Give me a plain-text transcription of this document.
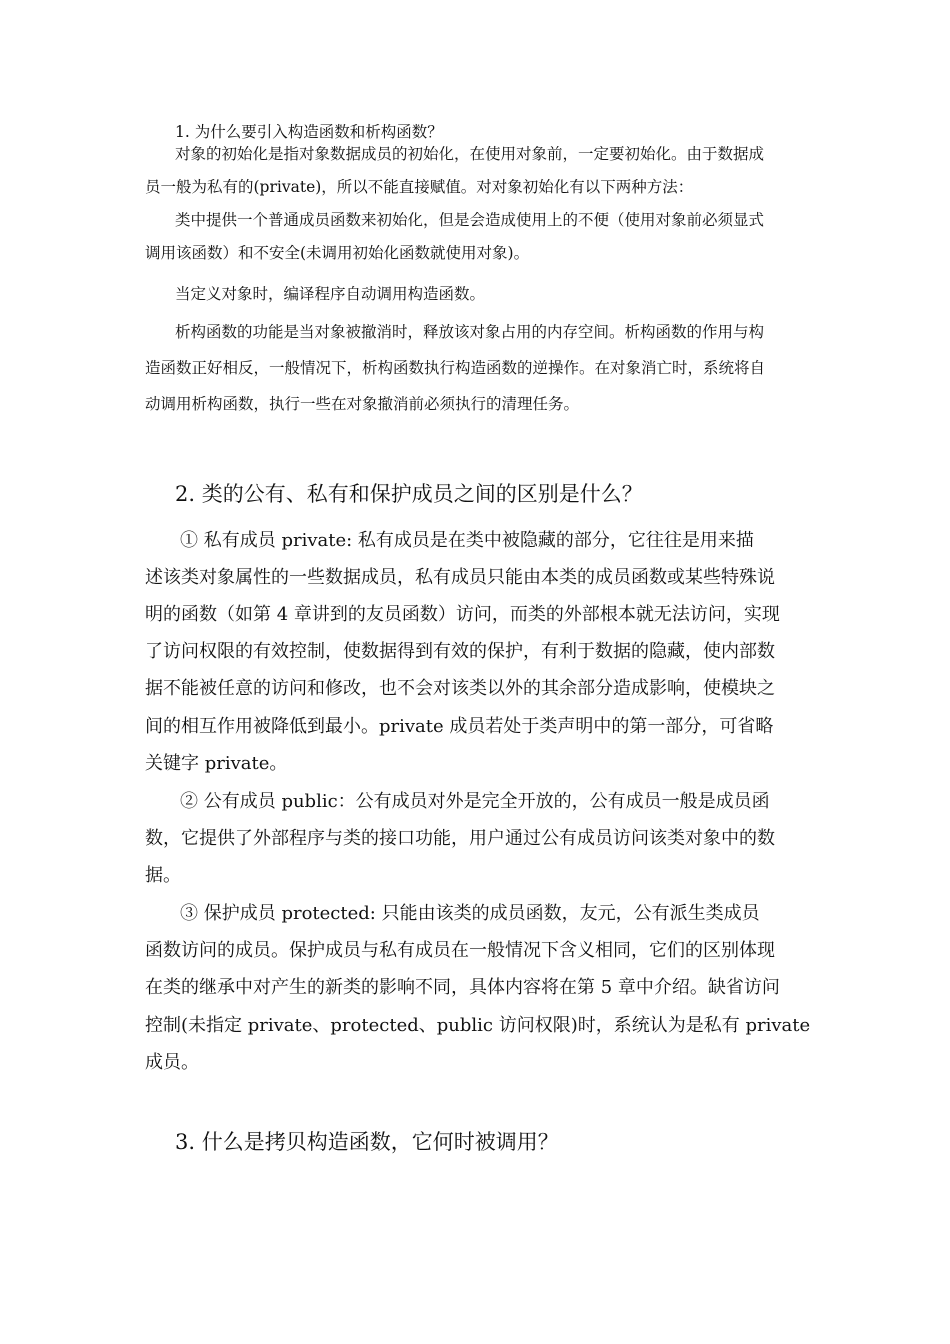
1. 为什么要引入构造函数和析构函数？

对象的初始化是指对象数据成员的初始化，在使用对象前，一定要初始化。由于数据成

员一般为私有的(private)，所以不能直接赋值。对对象初始化有以下两种方法：

类中提供一个普通成员函数来初始化，但是会造成使用上的不便（使用对象前必须显式

调用该函数）和不安全(未调用初始化函数就使用对象)。

当定义对象时，编译程序自动调用构造函数。

析构函数的功能是当对象被撤消时，释放该对象占用的内存空间。析构函数的作用与构

造函数正好相反，一般情况下，析构函数执行构造函数的逆操作。在对象消亡时，系统将自

动调用析构函数，执行一些在对象撤消前必须执行的清理任务。

2. 类的公有、私有和保护成员之间的区别是什么？

① 私有成员 private: 私有成员是在类中被隐藏的部分，它往往是用来描

述该类对象属性的一些数据成员，私有成员只能由本类的成员函数或某些特殊说

明的函数（如第 4 章讲到的友员函数）访问，而类的外部根本就无法访问，实现

了访问权限的有效控制，使数据得到有效的保护，有利于数据的隐藏，使内部数

据不能被任意的访问和修改，也不会对该类以外的其余部分造成影响，使模块之

间的相互作用被降低到最小。private 成员若处于类声明中的第一部分，可省略

关键字 private。

② 公有成员 public：公有成员对外是完全开放的，公有成员一般是成员函

数，它提供了外部程序与类的接口功能，用户通过公有成员访问该类对象中的数

据。

③ 保护成员 protected: 只能由该类的成员函数，友元，公有派生类成员

函数访问的成员。保护成员与私有成员在一般情况下含义相同，它们的区别体现

在类的继承中对产生的新类的影响不同，具体内容将在第 5 章中介绍。缺省访问

控制(未指定 private、protected、public 访问权限)时，系统认为是私有 private

成员。

3. 什么是拷贝构造函数，它何时被调用？
